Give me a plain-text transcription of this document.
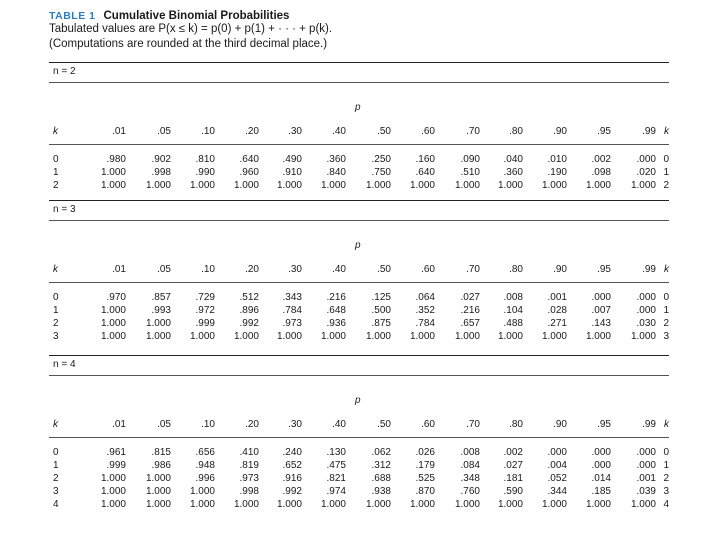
TABLE 1 Cumulative Binomial Probabilities
Tabulated values are P(x ≤ k) = p(0) + p(1) + · · · + p(k).
(Computations are rounded at the third decimal place.)
n = 2
p
k	.01	.05	.10	.20	.30	.40	.50	.60	.70	.80	.90	.95	.99 k
0	.980	.902	.810	.640	.490	.360	.250	.160	.090	.040	.010	.002	.000 0
1	1.000	.998	.990	.960	.910	.840	.750	.640	.510	.360	.190	.098	.020 1
2	1.000	1.000	1.000	1.000	1.000	1.000	1.000	1.000	1.000	1.000	1.000	1.000	1.000 2
n = 3
p
k	.01	.05	.10	.20	.30	.40	.50	.60	.70	.80	.90	.95	.99 k
0	.970	.857	.729	.512	.343	.216	.125	.064	.027	.008	.001	.000	.000 0
1	1.000	.993	.972	.896	.784	.648	.500	.352	.216	.104	.028	.007	.000 1
2	1.000	1.000	.999	.992	.973	.936	.875	.784	.657	.488	.271	.143	.030 2
3	1.000	1.000	1.000	1.000	1.000	1.000	1.000	1.000	1.000	1.000	1.000	1.000	1.000 3
n = 4
p
k	.01	.05	.10	.20	.30	.40	.50	.60	.70	.80	.90	.95	.99 k
0	.961	.815	.656	.410	.240	.130	.062	.026	.008	.002	.000	.000	.000 0
1	.999	.986	.948	.819	.652	.475	.312	.179	.084	.027	.004	.000	.000 1
2	1.000	1.000	.996	.973	.916	.821	.688	.525	.348	.181	.052	.014	.001 2
3	1.000	1.000	1.000	.998	.992	.974	.938	.870	.760	.590	.344	.185	.039 3
4	1.000	1.000	1.000	1.000	1.000	1.000	1.000	1.000	1.000	1.000	1.000	1.000	1.000 4
